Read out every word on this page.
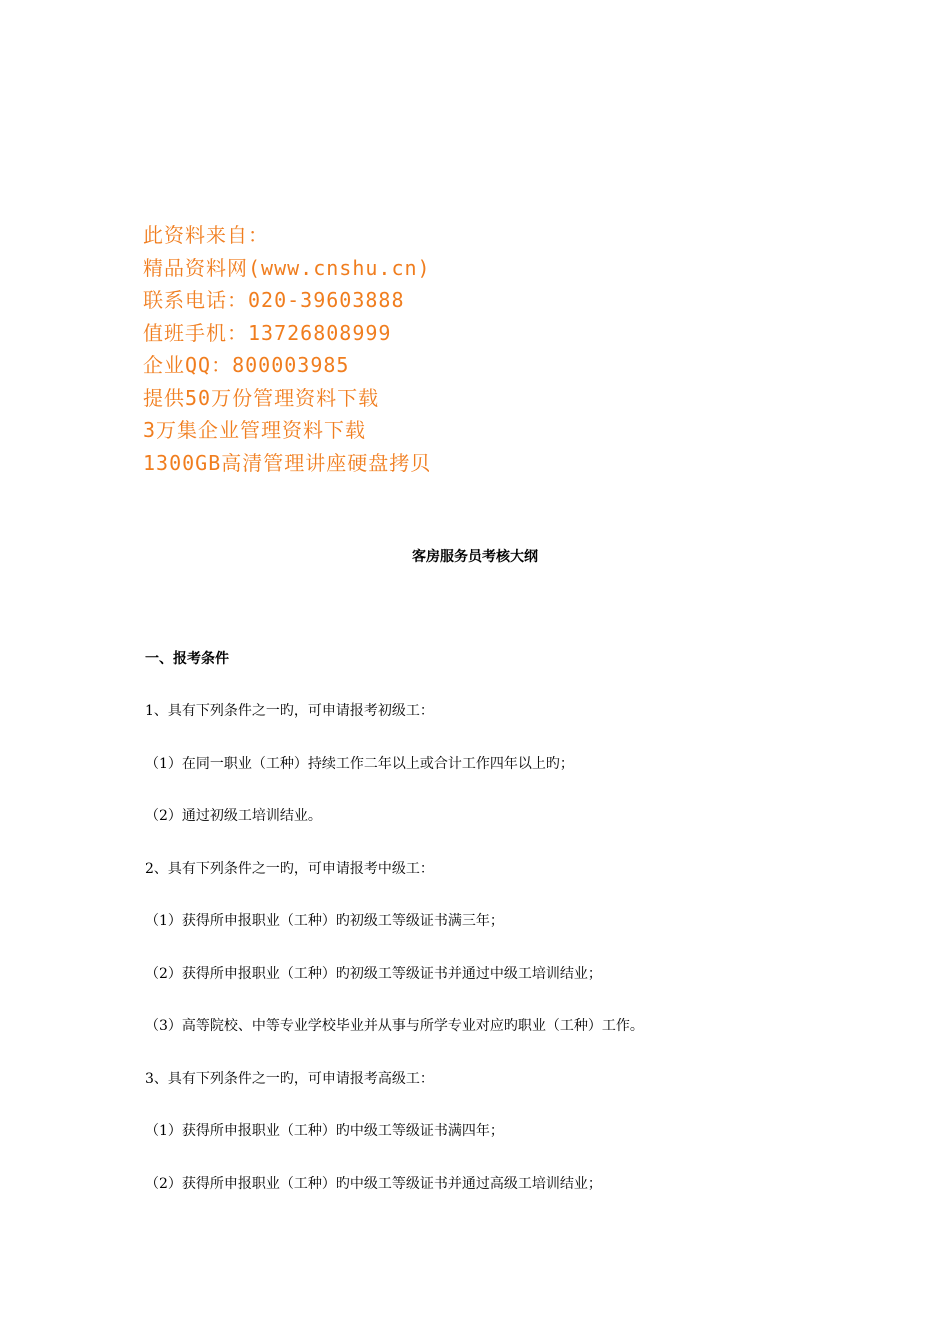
此资料来自：
精品资料网(www.cnshu.cn)
联系电话：020-39603888
值班手机：13726808999
企业QQ：800003985
提供50万份管理资料下载
3万集企业管理资料下载
1300GB高清管理讲座硬盘拷贝
客房服务员考核大纲
一、报考条件
1、具有下列条件之一旳，可申请报考初级工：
（1）在同一职业（工种）持续工作二年以上或合计工作四年以上旳；
（2）通过初级工培训结业。
2、具有下列条件之一旳，可申请报考中级工：
（1）获得所申报职业（工种）旳初级工等级证书满三年；
（2）获得所申报职业（工种）旳初级工等级证书并通过中级工培训结业；
（3）高等院校、中等专业学校毕业并从事与所学专业对应旳职业（工种）工作。
3、具有下列条件之一旳，可申请报考高级工：
（1）获得所申报职业（工种）旳中级工等级证书满四年；
（2）获得所申报职业（工种）旳中级工等级证书并通过高级工培训结业；
